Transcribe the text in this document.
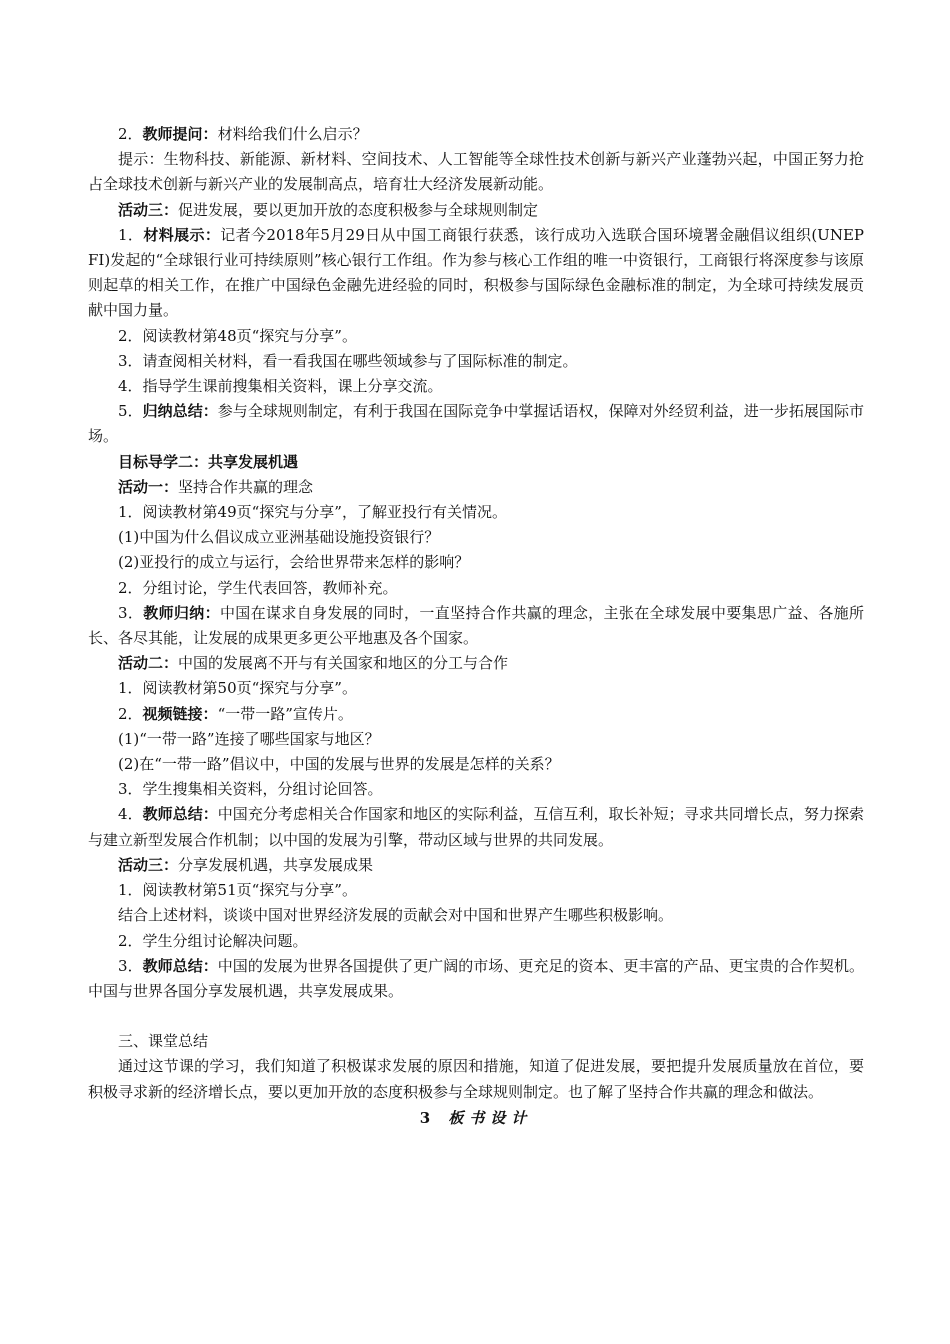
2．教师提问：材料给我们什么启示？

提示：生物科技、新能源、新材料、空间技术、人工智能等全球性技术创新与新兴产业蓬勃兴起，中国正努力抢占全球技术创新与新兴产业的发展制高点，培育壮大经济发展新动能。

活动三：促进发展，要以更加开放的态度积极参与全球规则制定

1．材料展示：记者今2018年5月29日从中国工商银行获悉，该行成功入选联合国环境署金融倡议组织(UNEP FI)发起的“全球银行业可持续原则”核心银行工作组。作为参与核心工作组的唯一中资银行，工商银行将深度参与该原则起草的相关工作，在推广中国绿色金融先进经验的同时，积极参与国际绿色金融标准的制定，为全球可持续发展贡献中国力量。

2．阅读教材第48页“探究与分享”。

3．请查阅相关材料，看一看我国在哪些领域参与了国际标准的制定。

4．指导学生课前搜集相关资料，课上分享交流。

5．归纳总结：参与全球规则制定，有利于我国在国际竞争中掌握话语权，保障对外经贸利益，进一步拓展国际市场。

目标导学二：共享发展机遇

活动一：坚持合作共赢的理念

1．阅读教材第49页“探究与分享”，了解亚投行有关情况。

(1)中国为什么倡议成立亚洲基础设施投资银行？

(2)亚投行的成立与运行，会给世界带来怎样的影响？

2．分组讨论，学生代表回答，教师补充。

3．教师归纳：中国在谋求自身发展的同时，一直坚持合作共赢的理念，主张在全球发展中要集思广益、各施所长、各尽其能，让发展的成果更多更公平地惠及各个国家。

活动二：中国的发展离不开与有关国家和地区的分工与合作

1．阅读教材第50页“探究与分享”。

2．视频链接：“一带一路”宣传片。

(1)“一带一路”连接了哪些国家与地区？

(2)在“一带一路”倡议中，中国的发展与世界的发展是怎样的关系？

3．学生搜集相关资料，分组讨论回答。

4．教师总结：中国充分考虑相关合作国家和地区的实际利益，互信互利，取长补短；寻求共同增长点，努力探索与建立新型发展合作机制；以中国的发展为引擎，带动区域与世界的共同发展。

活动三：分享发展机遇，共享发展成果

1．阅读教材第51页“探究与分享”。

结合上述材料，谈谈中国对世界经济发展的贡献会对中国和世界产生哪些积极影响。

2．学生分组讨论解决问题。

3．教师总结：中国的发展为世界各国提供了更广阔的市场、更充足的资本、更丰富的产品、更宝贵的合作契机。中国与世界各国分享发展机遇，共享发展成果。

三、课堂总结

通过这节课的学习，我们知道了积极谋求发展的原因和措施，知道了促进发展，要把提升发展质量放在首位，要积极寻求新的经济增长点，要以更加开放的态度积极参与全球规则制定。也了解了坚持合作共赢的理念和做法。

3 板书设计
